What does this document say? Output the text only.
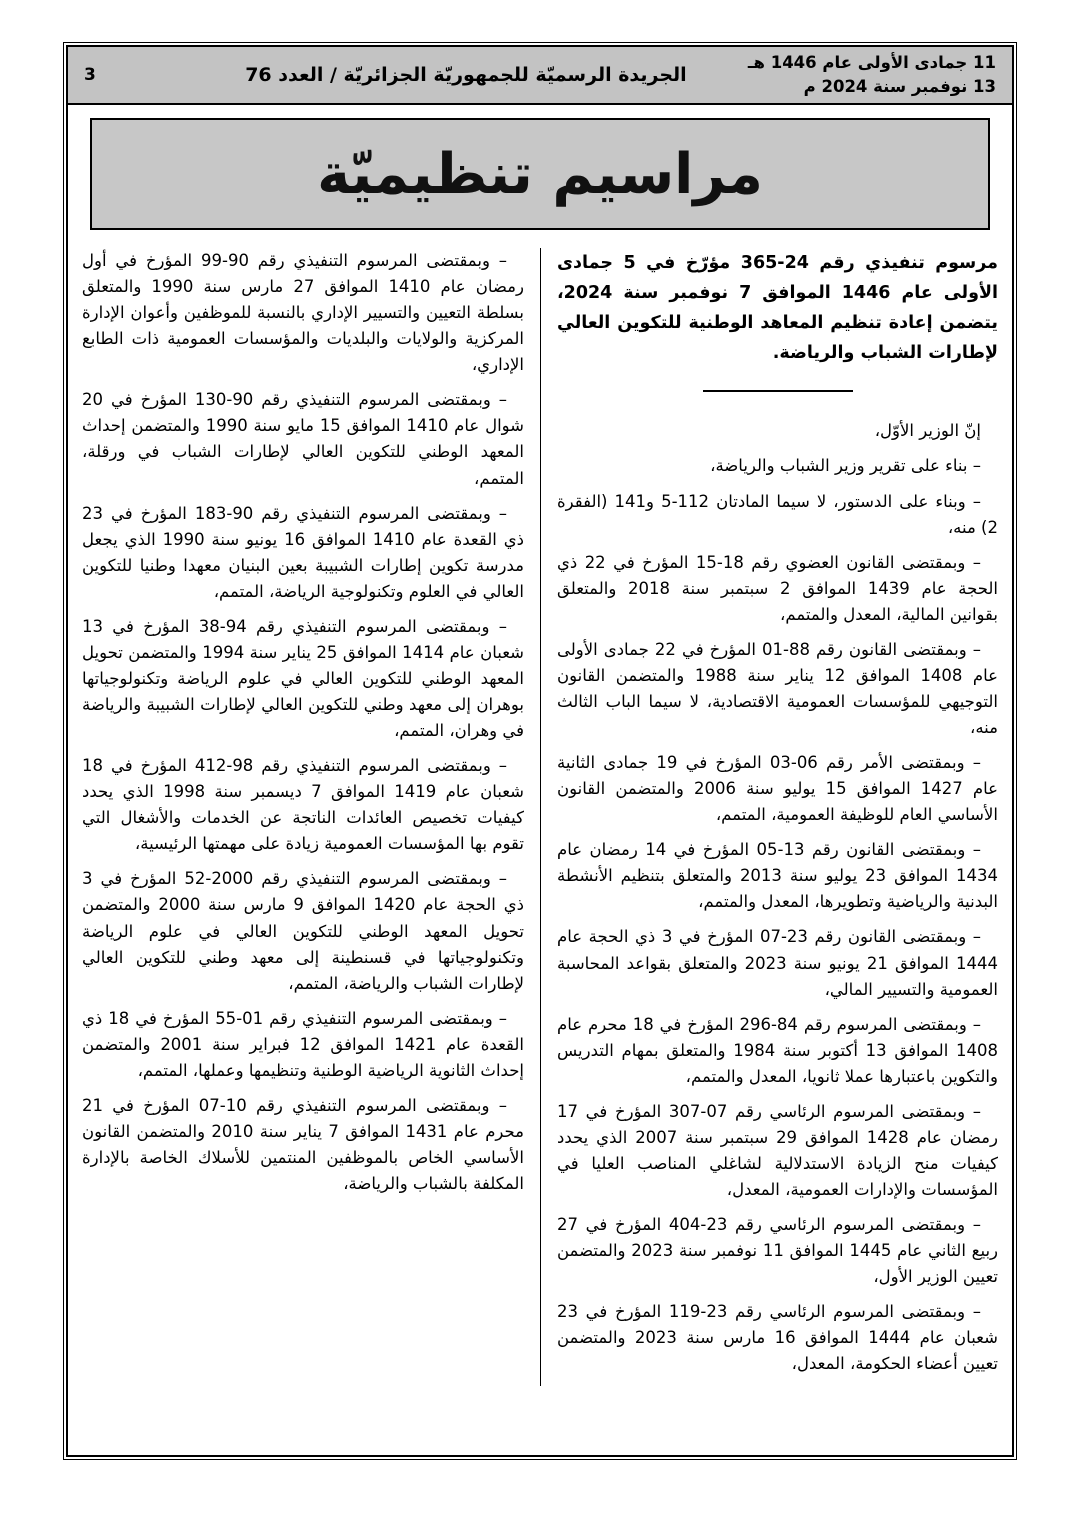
11 جمادى الأولى عام 1446 هـ
13 نوفمبر سنة 2024 م
الجريدة الرسميّة للجمهوريّة الجزائريّة / العدد 76
3
مراسيم تنظيميّة

مرسوم تنفيذي رقم 24-365 مؤرّخ في 5 جمادى الأولى عام 1446 الموافق 7 نوفمبر سنة 2024، يتضمن إعادة تنظيم المعاهد الوطنية للتكوين العالي لإطارات الشباب والرياضة.

إنّ الوزير الأوّل،

– بناء على تقرير وزير الشباب والرياضة،

– وبناء على الدستور، لا سيما المادتان 112-5 و141 (الفقرة 2) منه،

– وبمقتضى القانون العضوي رقم 18-15 المؤرخ في 22 ذي الحجة عام 1439 الموافق 2 سبتمبر سنة 2018 والمتعلق بقوانين المالية، المعدل والمتمم،

– وبمقتضى القانون رقم 88-01 المؤرخ في 22 جمادى الأولى عام 1408 الموافق 12 يناير سنة 1988 والمتضمن القانون التوجيهي للمؤسسات العمومية الاقتصادية، لا سيما الباب الثالث منه،

– وبمقتضى الأمر رقم 06-03 المؤرخ في 19 جمادى الثانية عام 1427 الموافق 15 يوليو سنة 2006 والمتضمن القانون الأساسي العام للوظيفة العمومية، المتمم،

– وبمقتضى القانون رقم 13-05 المؤرخ في 14 رمضان عام 1434 الموافق 23 يوليو سنة 2013 والمتعلق بتنظيم الأنشطة البدنية والرياضية وتطويرها، المعدل والمتمم،

– وبمقتضى القانون رقم 23-07 المؤرخ في 3 ذي الحجة عام 1444 الموافق 21 يونيو سنة 2023 والمتعلق بقواعد المحاسبة العمومية والتسيير المالي،

– وبمقتضى المرسوم رقم 84-296 المؤرخ في 18 محرم عام 1408 الموافق 13 أكتوبر سنة 1984 والمتعلق بمهام التدريس والتكوين باعتبارها عملا ثانويا، المعدل والمتمم،

– وبمقتضى المرسوم الرئاسي رقم 07-307 المؤرخ في 17 رمضان عام 1428 الموافق 29 سبتمبر سنة 2007 الذي يحدد كيفيات منح الزيادة الاستدلالية لشاغلي المناصب العليا في المؤسسات والإدارات العمومية، المعدل،

– وبمقتضى المرسوم الرئاسي رقم 23-404 المؤرخ في 27 ربيع الثاني عام 1445 الموافق 11 نوفمبر سنة 2023 والمتضمن تعيين الوزير الأول،

– وبمقتضى المرسوم الرئاسي رقم 23-119 المؤرخ في 23 شعبان عام 1444 الموافق 16 مارس سنة 2023 والمتضمن تعيين أعضاء الحكومة، المعدل،

– وبمقتضى المرسوم التنفيذي رقم 90-99 المؤرخ في أول رمضان عام 1410 الموافق 27 مارس سنة 1990 والمتعلق بسلطة التعيين والتسيير الإداري بالنسبة للموظفين وأعوان الإدارة المركزية والولايات والبلديات والمؤسسات العمومية ذات الطابع الإداري،

– وبمقتضى المرسوم التنفيذي رقم 90-130 المؤرخ في 20 شوال عام 1410 الموافق 15 مايو سنة 1990 والمتضمن إحداث المعهد الوطني للتكوين العالي لإطارات الشباب في ورقلة، المتمم،

– وبمقتضى المرسوم التنفيذي رقم 90-183 المؤرخ في 23 ذي القعدة عام 1410 الموافق 16 يونيو سنة 1990 الذي يجعل مدرسة تكوين إطارات الشبيبة بعين البنيان معهدا وطنيا للتكوين العالي في العلوم وتكنولوجية الرياضة، المتمم،

– وبمقتضى المرسوم التنفيذي رقم 94-38 المؤرخ في 13 شعبان عام 1414 الموافق 25 يناير سنة 1994 والمتضمن تحويل المعهد الوطني للتكوين العالي في علوم الرياضة وتكنولوجياتها بوهران إلى معهد وطني للتكوين العالي لإطارات الشبيبة والرياضة في وهران، المتمم،

– وبمقتضى المرسوم التنفيذي رقم 98-412 المؤرخ في 18 شعبان عام 1419 الموافق 7 ديسمبر سنة 1998 الذي يحدد كيفيات تخصيص العائدات الناتجة عن الخدمات والأشغال التي تقوم بها المؤسسات العمومية زيادة على مهمتها الرئيسية،

– وبمقتضى المرسوم التنفيذي رقم 2000-52 المؤرخ في 3 ذي الحجة عام 1420 الموافق 9 مارس سنة 2000 والمتضمن تحويل المعهد الوطني للتكوين العالي في علوم الرياضة وتكنولوجياتها في قسنطينة إلى معهد وطني للتكوين العالي لإطارات الشباب والرياضة، المتمم،

– وبمقتضى المرسوم التنفيذي رقم 01-55 المؤرخ في 18 ذي القعدة عام 1421 الموافق 12 فبراير سنة 2001 والمتضمن إحداث الثانوية الرياضية الوطنية وتنظيمها وعملها، المتمم،

– وبمقتضى المرسوم التنفيذي رقم 10-07 المؤرخ في 21 محرم عام 1431 الموافق 7 يناير سنة 2010 والمتضمن القانون الأساسي الخاص بالموظفين المنتمين للأسلاك الخاصة بالإدارة المكلفة بالشباب والرياضة،
